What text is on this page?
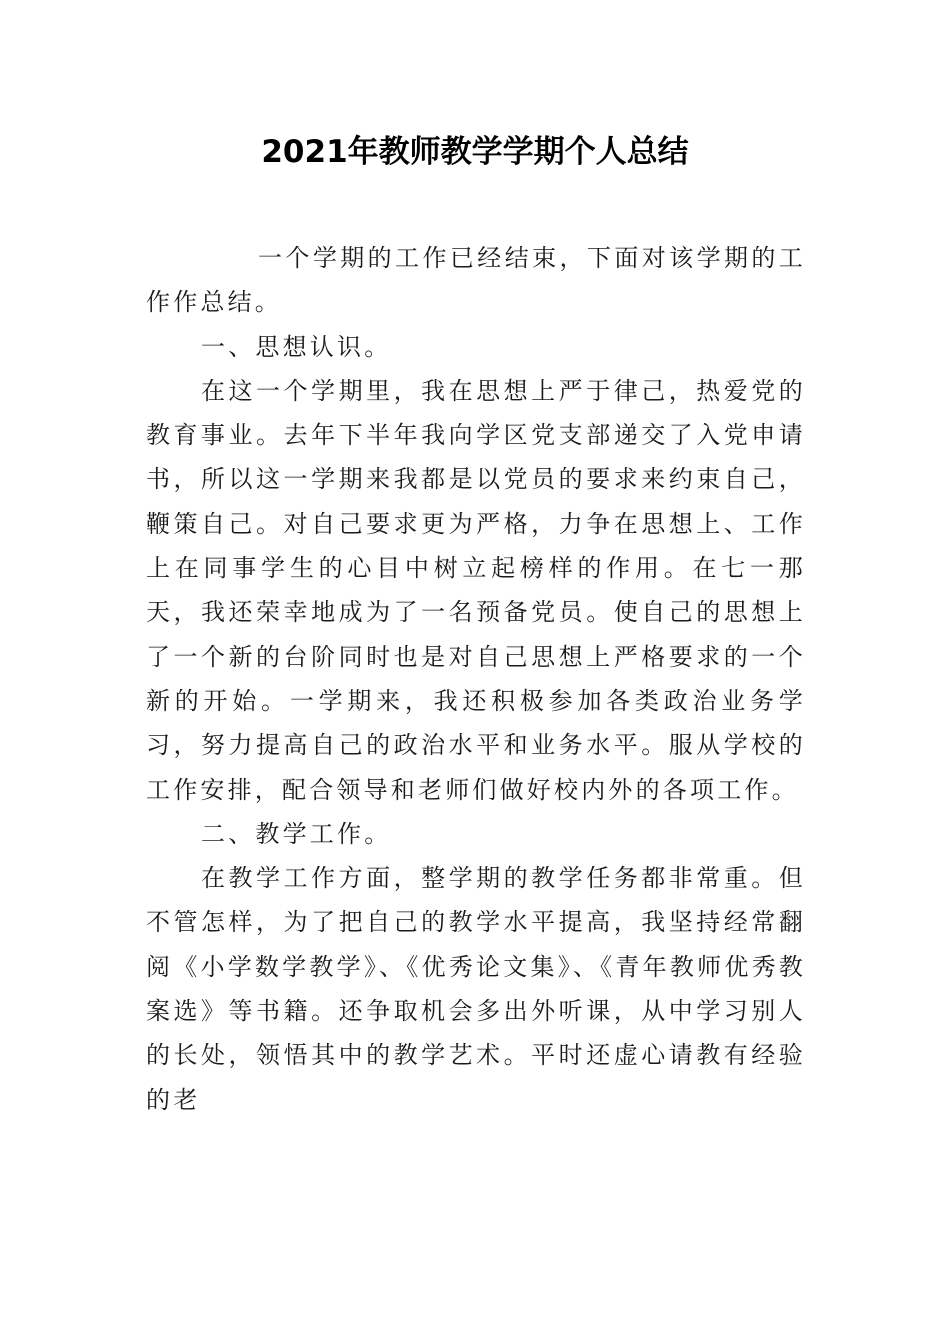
2021年教师教学学期个人总结

一个学期的工作已经结束，下面对该学期的工作作总结。

一、思想认识。

在这一个学期里，我在思想上严于律己，热爱党的教育事业。去年下半年我向学区党支部递交了入党申请书，所以这一学期来我都是以党员的要求来约束自己，鞭策自己。对自己要求更为严格，力争在思想上、工作上在同事学生的心目中树立起榜样的作用。在七一那天，我还荣幸地成为了一名预备党员。使自己的思想上了一个新的台阶同时也是对自己思想上严格要求的一个新的开始。一学期来，我还积极参加各类政治业务学习，努力提高自己的政治水平和业务水平。服从学校的工作安排，配合领导和老师们做好校内外的各项工作。

二、教学工作。

在教学工作方面，整学期的教学任务都非常重。但不管怎样，为了把自己的教学水平提高，我坚持经常翻阅《小学数学教学》、《优秀论文集》、《青年教师优秀教案选》等书籍。还争取机会多出外听课，从中学习别人的长处，领悟其中的教学艺术。平时还虚心请教有经验的老
